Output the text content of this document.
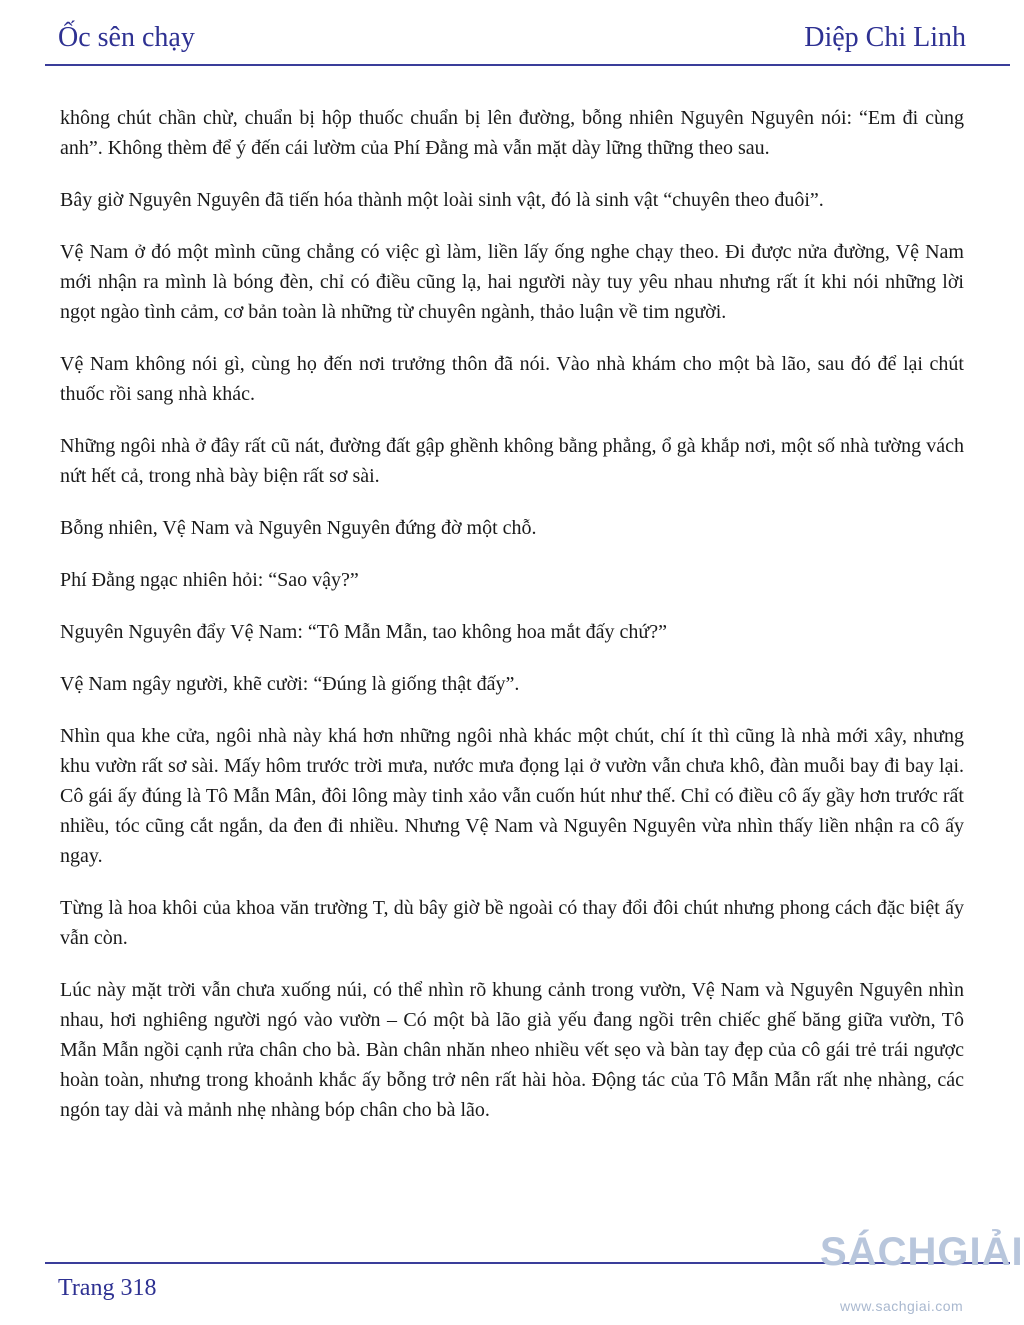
Ốc sên chạy	Diệp Chi Linh

không chút chần chừ, chuẩn bị hộp thuốc chuẩn bị lên đường, bỗng nhiên Nguyên Nguyên nói: “Em đi cùng anh”. Không thèm để ý đến cái lườm của Phí Đằng mà vẫn mặt dày lững thững theo sau.

Bây giờ Nguyên Nguyên đã tiến hóa thành một loài sinh vật, đó là sinh vật “chuyên theo đuôi”.

Vệ Nam ở đó một mình cũng chẳng có việc gì làm, liền lấy ống nghe chạy theo. Đi được nửa đường, Vệ Nam mới nhận ra mình là bóng đèn, chỉ có điều cũng lạ, hai người này tuy yêu nhau nhưng rất ít khi nói những lời ngọt ngào tình cảm, cơ bản toàn là những từ chuyên ngành, thảo luận về tim người.

Vệ Nam không nói gì, cùng họ đến nơi trưởng thôn đã nói. Vào nhà khám cho một bà lão, sau đó để lại chút thuốc rồi sang nhà khác.

Những ngôi nhà ở đây rất cũ nát, đường đất gập ghềnh không bằng phẳng, ổ gà khắp nơi, một số nhà tường vách nứt hết cả, trong nhà bày biện rất sơ sài.

Bỗng nhiên, Vệ Nam và Nguyên Nguyên đứng đờ một chỗ.

Phí Đằng ngạc nhiên hỏi: “Sao vậy?”

Nguyên Nguyên đẩy Vệ Nam: “Tô Mẫn Mẫn, tao không hoa mắt đấy chứ?”

Vệ Nam ngây người, khẽ cười: “Đúng là giống thật đấy”.

Nhìn qua khe cửa, ngôi nhà này khá hơn những ngôi nhà khác một chút, chí ít thì cũng là nhà mới xây, nhưng khu vườn rất sơ sài. Mấy hôm trước trời mưa, nước mưa đọng lại ở vườn vẫn chưa khô, đàn muỗi bay đi bay lại. Cô gái ấy đúng là Tô Mẫn Mân, đôi lông mày tinh xảo vẫn cuốn hút như thế. Chỉ có điều cô ấy gầy hơn trước rất nhiều, tóc cũng cắt ngắn, da đen đi nhiều. Nhưng Vệ Nam và Nguyên Nguyên vừa nhìn thấy liền nhận ra cô ấy ngay.

Từng là hoa khôi của khoa văn trường T, dù bây giờ bề ngoài có thay đổi đôi chút nhưng phong cách đặc biệt ấy vẫn còn.

Lúc này mặt trời vẫn chưa xuống núi, có thể nhìn rõ khung cảnh trong vườn, Vệ Nam và Nguyên Nguyên nhìn nhau, hơi nghiêng người ngó vào vườn – Có một bà lão già yếu đang ngồi trên chiếc ghế băng giữa vườn, Tô Mẫn Mẫn ngồi cạnh rửa chân cho bà. Bàn chân nhăn nheo nhiều vết sẹo và bàn tay đẹp của cô gái trẻ trái ngược hoàn toàn, nhưng trong khoảnh khắc ấy bỗng trở nên rất hài hòa. Động tác của Tô Mẫn Mẫn rất nhẹ nhàng, các ngón tay dài và mảnh nhẹ nhàng bóp chân cho bà lão.

Trang 318
SÁCHGIẢI
www.sachgiai.com
